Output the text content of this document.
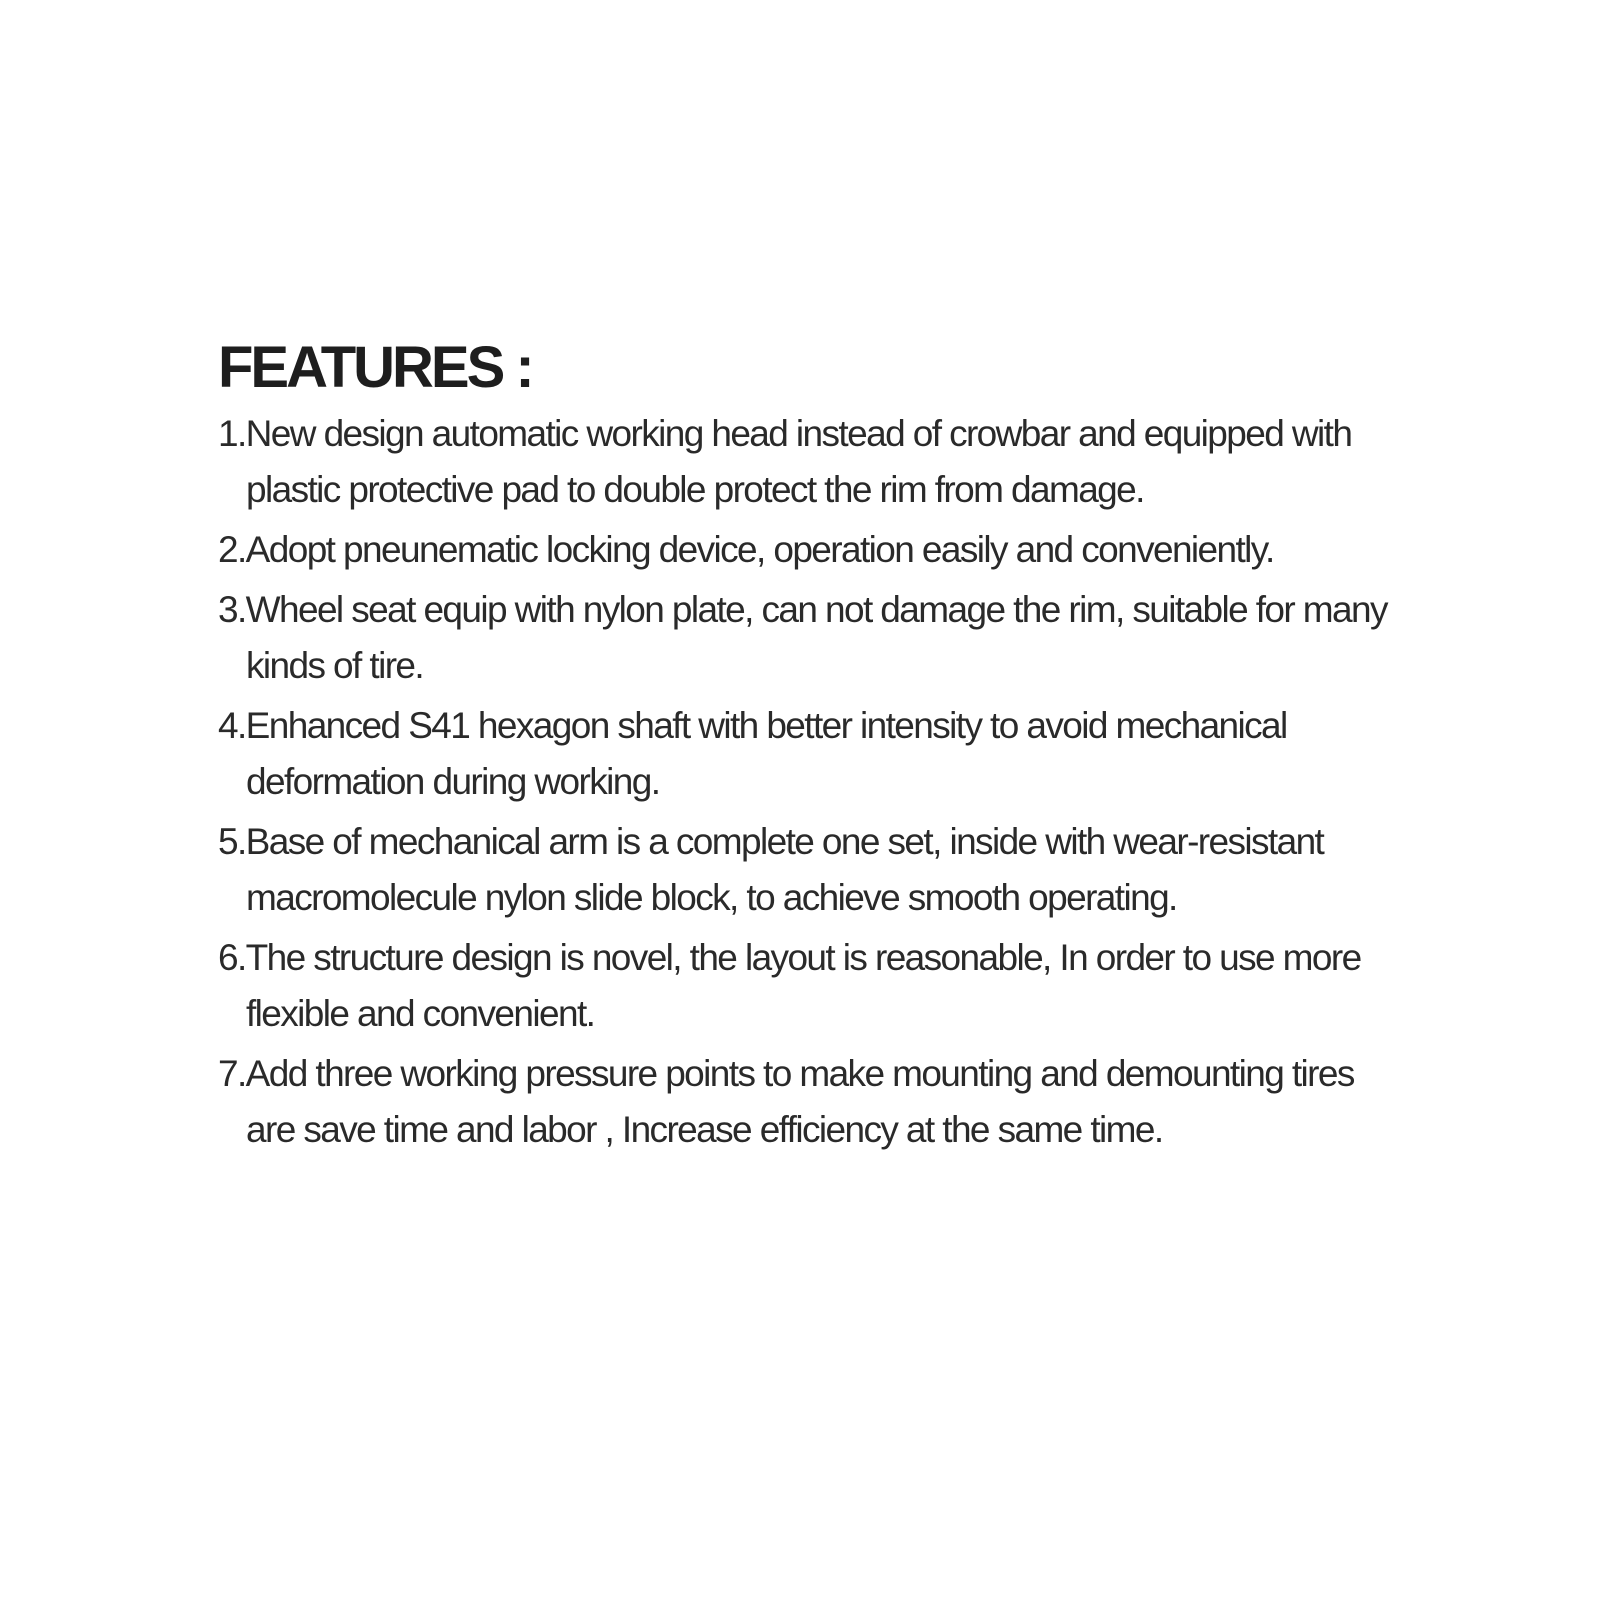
FEATURES :
1.New design automatic working head instead of crowbar and equipped with plastic protective pad to double protect the rim from damage.
2.Adopt pneunematic locking device, operation easily and conveniently.
3.Wheel seat equip with nylon plate, can not damage the rim, suitable for many kinds of tire.
4.Enhanced S41 hexagon shaft with better intensity to avoid mechanical deformation during working.
5.Base of mechanical arm is a complete one set, inside with wear-resistant macromolecule nylon slide block, to achieve smooth operating.
6.The structure design is novel, the layout is reasonable, In order to use more flexible and convenient.
7.Add three working pressure points to make mounting and demounting tires are save time and labor , Increase efficiency at the same time.
